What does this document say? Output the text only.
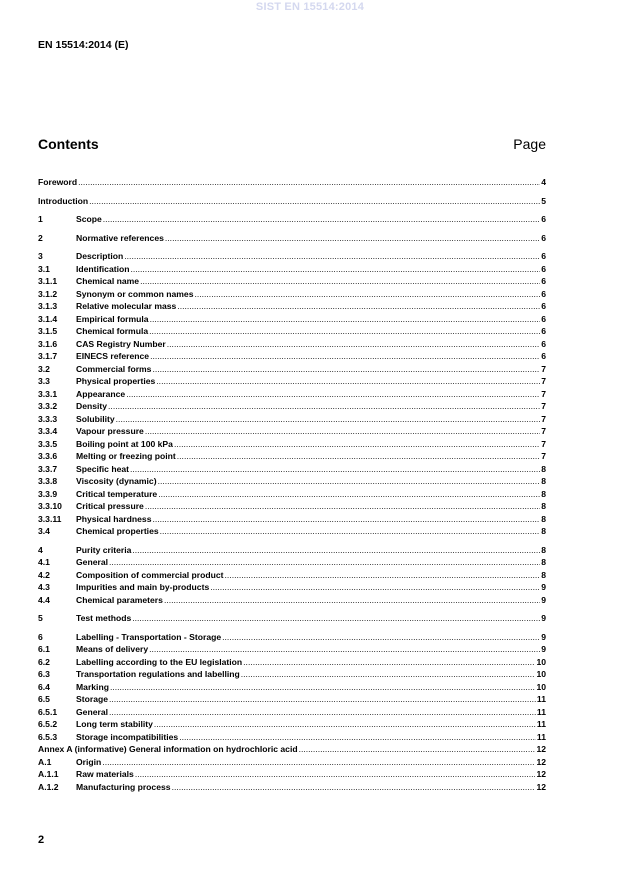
SIST EN 15514:2014
EN 15514:2014 (E)
Contents	Page
Foreword .....	4
Introduction .....	5
1	Scope .....	6
2	Normative references .....	6
3	Description .....	6
3.1	Identification .....	6
3.1.1	Chemical name .....	6
3.1.2	Synonym or common names .....	6
3.1.3	Relative molecular mass .....	6
3.1.4	Empirical formula .....	6
3.1.5	Chemical formula .....	6
3.1.6	CAS Registry Number .....	6
3.1.7	EINECS reference .....	6
3.2	Commercial forms .....	7
3.3	Physical properties .....	7
3.3.1	Appearance .....	7
3.3.2	Density .....	7
3.3.3	Solubility .....	7
3.3.4	Vapour pressure .....	7
3.3.5	Boiling point at 100 kPa .....	7
3.3.6	Melting or freezing point .....	7
3.3.7	Specific heat .....	8
3.3.8	Viscosity (dynamic) .....	8
3.3.9	Critical temperature .....	8
3.3.10	Critical pressure .....	8
3.3.11	Physical hardness .....	8
3.4	Chemical properties .....	8
4	Purity criteria .....	8
4.1	General .....	8
4.2	Composition of commercial product .....	8
4.3	Impurities and main by-products .....	9
4.4	Chemical parameters .....	9
5	Test methods .....	9
6	Labelling - Transportation - Storage .....	9
6.1	Means of delivery .....	9
6.2	Labelling according to the EU legislation .....	10
6.3	Transportation regulations and labelling .....	10
6.4	Marking .....	10
6.5	Storage .....	11
6.5.1	General .....	11
6.5.2	Long term stability .....	11
6.5.3	Storage incompatibilities .....	11
Annex A (informative) General information on hydrochloric acid .....	12
A.1	Origin .....	12
A.1.1	Raw materials .....	12
A.1.2	Manufacturing process .....	12
2
